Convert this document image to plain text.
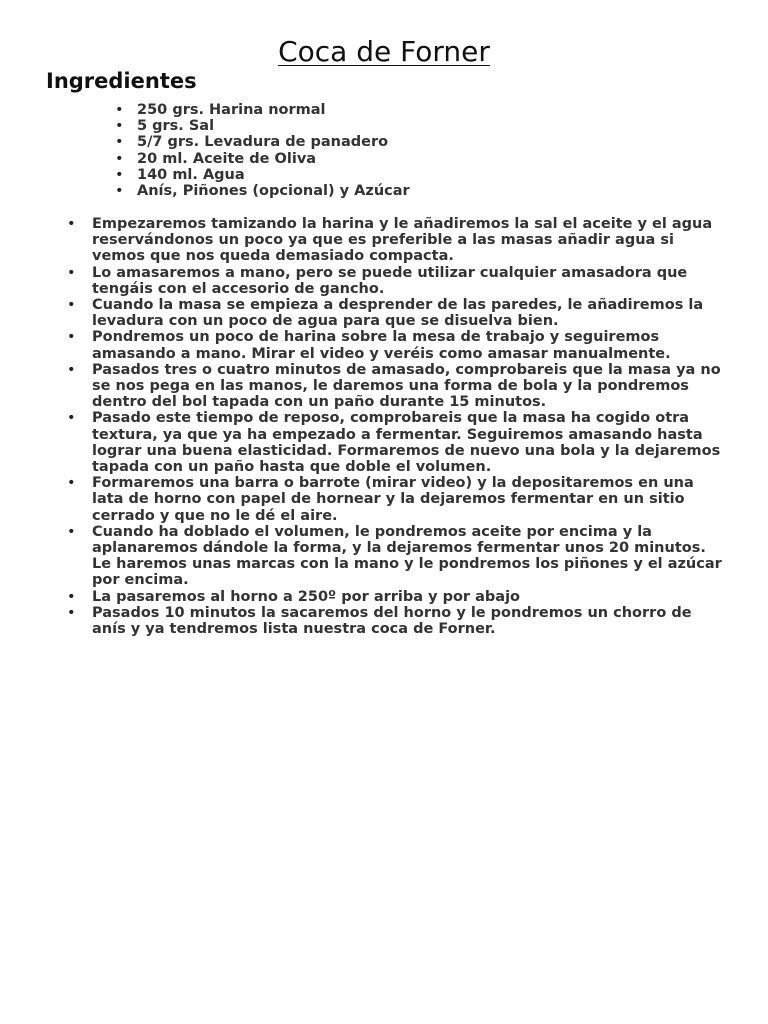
Coca de Forner
Ingredientes
• 250 grs. Harina normal
• 5 grs. Sal
• 5/7 grs. Levadura de panadero
• 20 ml. Aceite de Oliva
• 140 ml. Agua
• Anís, Piñones (opcional) y Azúcar
• Empezaremos tamizando la harina y le añadiremos la sal el aceite y el agua reservándonos un poco ya que es preferible a las masas añadir agua si vemos que nos queda demasiado compacta.
• Lo amasaremos a mano, pero se puede utilizar cualquier amasadora que tengáis con el accesorio de gancho.
• Cuando la masa se empieza a desprender de las paredes, le añadiremos la levadura con un poco de agua para que se disuelva bien.
• Pondremos un poco de harina sobre la mesa de trabajo y seguiremos amasando a mano. Mirar el video y veréis como amasar manualmente.
• Pasados tres o cuatro minutos de amasado, comprobareis que la masa ya no se nos pega en las manos, le daremos una forma de bola y la pondremos dentro del bol tapada con un paño durante 15 minutos.
• Pasado este tiempo de reposo, comprobareis que la masa ha cogido otra textura, ya que ya ha empezado a fermentar. Seguiremos amasando hasta lograr una buena elasticidad. Formaremos de nuevo una bola y la dejaremos tapada con un paño hasta que doble el volumen.
• Formaremos una barra o barrote (mirar video) y la depositaremos en una lata de horno con papel de hornear y la dejaremos fermentar en un sitio cerrado y que no le dé el aire.
• Cuando ha doblado el volumen, le pondremos aceite por encima y la aplanaremos dándole la forma, y la dejaremos fermentar unos 20 minutos. Le haremos unas marcas con la mano y le pondremos los piñones y el azúcar por encima.
• La pasaremos al horno a 250º por arriba y por abajo
• Pasados 10 minutos la sacaremos del horno y le pondremos un chorro de anís y ya tendremos lista nuestra coca de Forner.
